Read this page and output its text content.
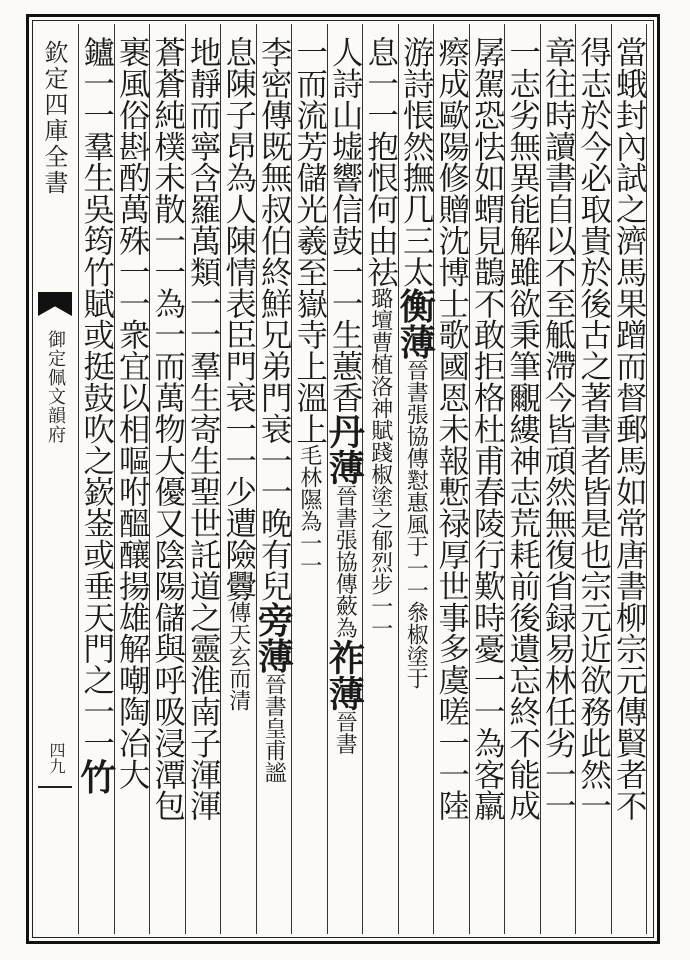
欽定四庫全書
御定佩文韻府
四九	當蛾封內試之濟馬果蹭而督郵馬如常唐書柳宗元傳賢者不
得志於今必取貴於後古之著書者皆是也宗元近欲務此然一
章往時讀書自以不至觝滯今皆頑然無復省録易林任劣一一
一志劣無異能解雖欲秉筆覼縷神志荒耗前後遺忘終不能成
孱駕恐怯如蝟見鵲不敢拒格杜甫春陵行歎時憂一一為客羸
瘵成歐陽修贈沈博士歌國恩未報慙禄厚世事多虞嗟一一陸
游詩悵然撫几三太衡薄晉書張協傳懟惠風于一一叅椒塗于
息一一抱恨何由祛璐壇曹植洛神賦踐椒塗之郁烈步一一
人詩山墟響信鼓一一生蕙香丹薄晉書張協傳蘞為祚薄晉書
一而流芳儲光羲至嶽寺上溫上毛林隰為一一
李密傳既無叔伯終鮮兄弟門衰一一晚有兒旁薄晉書皇甫謐
息陳子昂為人陳情表臣門衰一一少遭險釁傳天玄而清
地靜而寧含羅萬類一一羣生寄生聖世託道之靈淮南子渾渾
蒼蒼純樸未散一一為一而萬物大優又陰陽儲與呼吸浸潭包
裹風俗斟酌萬殊一一衆宜以相嘔咐醞釀揚雄解嘲陶冶大
鑪一一羣生吳筠竹賦或挺鼓吹之嶔崟或垂天門之一一竹
